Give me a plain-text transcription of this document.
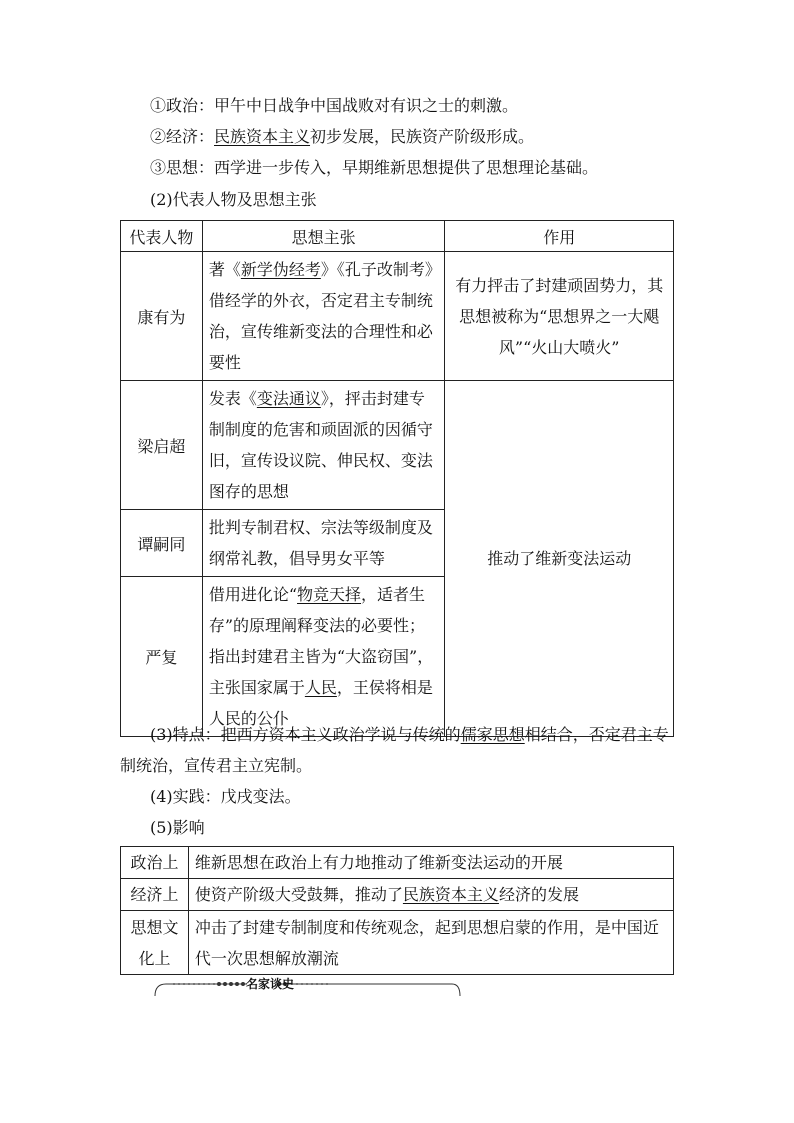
①政治：甲午中日战争中国战败对有识之士的刺激。
②经济：民族资本主义初步发展，民族资产阶级形成。
③思想：西学进一步传入，早期维新思想提供了思想理论基础。
(2)代表人物及思想主张
代表人物	思想主张	作用
康有为	著《新学伪经考》《孔子改制考》借经学的外衣，否定君主专制统治，宣传维新变法的合理性和必要性	有力抨击了封建顽固势力，其思想被称为“思想界之一大飓风”“火山大喷火”
梁启超	发表《变法通议》，抨击封建专制制度的危害和顽固派的因循守旧，宣传设议院、伸民权、变法图存的思想	推动了维新变法运动
谭嗣同	批判专制君权、宗法等级制度及纲常礼教，倡导男女平等	
严复	借用进化论“物竞天择，适者生存”的原理阐释变法的必要性；指出封建君主皆为“大盗窃国”，主张国家属于人民，王侯将相是人民的公仆	
(3)特点：把西方资本主义政治学说与传统的儒家思想相结合，否定君主专
制统治，宣传君主立宪制。
(4)实践：戊戌变法。
(5)影响
政治上	维新思想在政治上有力地推动了维新变法运动的开展
经济上	使资产阶级大受鼓舞，推动了民族资本主义经济的发展
思想文化上	冲击了封建专制制度和传统观念，起到思想启蒙的作用，是中国近代一次思想解放潮流
名家谈史
